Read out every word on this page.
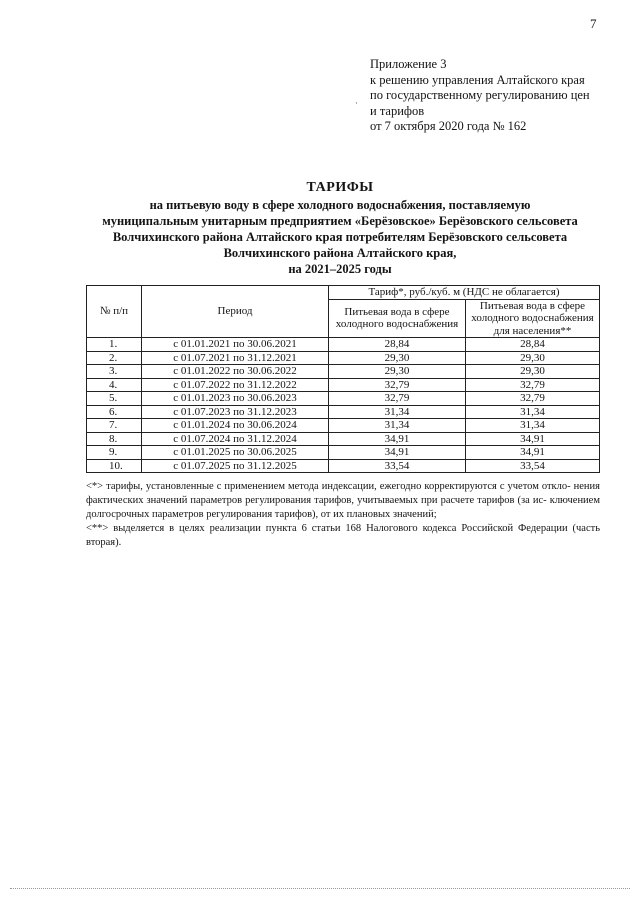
7
Приложение 3
к решению управления Алтайского края
по государственному регулированию цен
и тарифов
от 7 октября 2020 года № 162
·
ТАРИФЫ
на питьевую воду в сфере холодного водоснабжения, поставляемую
муниципальным унитарным предприятием «Берёзовское» Берёзовского сельсовета
Волчихинского района Алтайского края потребителям Берёзовского сельсовета
Волчихинского района Алтайского края,
на 2021–2025 годы
№ п/п	Период	Тариф*, руб./куб. м (НДС не облагается)	
		Питьевая вода в сфере холодного водоснабжения	Питьевая вода в сфере холодного водоснабжения для населения**
1.	с 01.01.2021 по 30.06.2021	28,84	28,84
2.	с 01.07.2021 по 31.12.2021	29,30	29,30
3.	с 01.01.2022 по 30.06.2022	29,30	29,30
4.	с 01.07.2022 по 31.12.2022	32,79	32,79
5.	с 01.01.2023 по 30.06.2023	32,79	32,79
6.	с 01.07.2023 по 31.12.2023	31,34	31,34
7.	с 01.01.2024 по 30.06.2024	31,34	31,34
8.	с 01.07.2024 по 31.12.2024	34,91	34,91
9.	с 01.01.2025 по 30.06.2025	34,91	34,91
10.	с 01.07.2025 по 31.12.2025	33,54	33,54

<*> тарифы, установленные с применением метода индексации, ежегодно корректируются с учетом откло- нения фактических значений параметров регулирования тарифов, учитываемых при расчете тарифов (за ис- ключением долгосрочных параметров регулирования тарифов), от их плановых значений;

<**> выделяется в целях реализации пункта 6 статьи 168 Налогового кодекса Российской Федерации (часть вторая).
